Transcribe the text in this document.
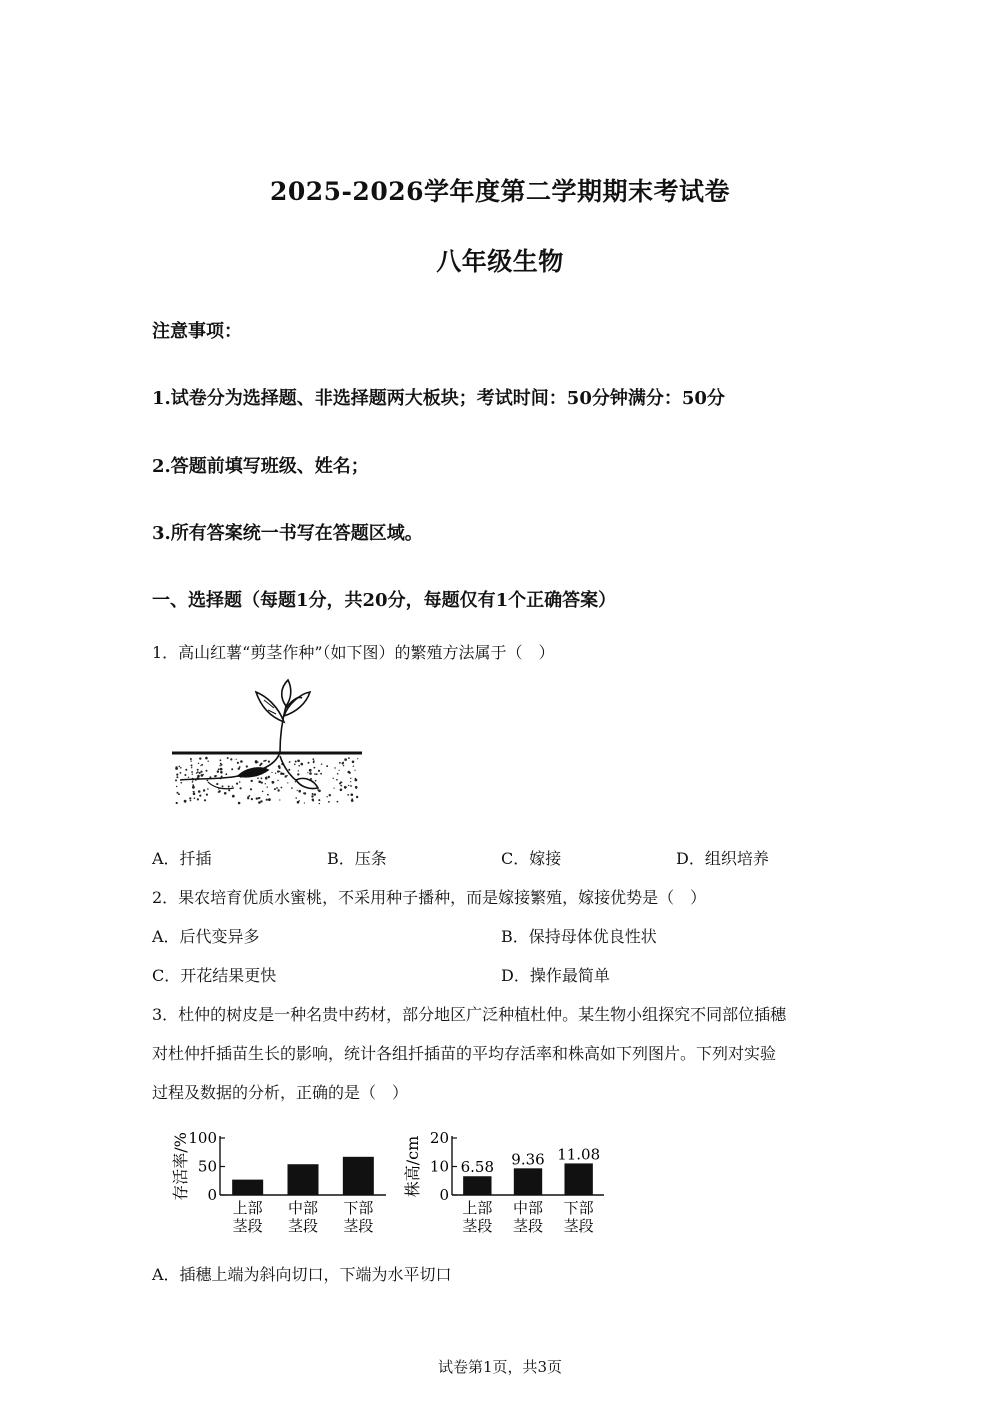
2025-2026学年度第二学期期末考试卷
八年级生物
注意事项：
1.试卷分为选择题、非选择题两大板块；考试时间：50分钟满分：50分
2.答题前填写班级、姓名；
3.所有答案统一书写在答题区域。
一、选择题（每题1分，共20分，每题仅有1个正确答案）
1．高山红薯“剪茎作种”（如下图）的繁殖方法属于（　）
A．扦插	B．压条	C．嫁接	D．组织培养
2．果农培育优质水蜜桃，不采用种子播种，而是嫁接繁殖，嫁接优势是（　）
A．后代变异多	B．保持母体优良性状
C．开花结果更快	D．操作最简单
3．杜仲的树皮是一种名贵中药材，部分地区广泛种植杜仲。某生物小组探究不同部位插穗
对杜仲扦插苗生长的影响，统计各组扦插苗的平均存活率和株高如下列图片。下列对实验
过程及数据的分析，正确的是（　）
存活率/%
100
50
0
上部茎段
中部茎段
下部茎段
株高/cm 20
10
0
6.58
上部茎段
9.36
中部茎段
11.08
下部茎段
A．插穗上端为斜向切口，下端为水平切口
试卷第1页，共3页
